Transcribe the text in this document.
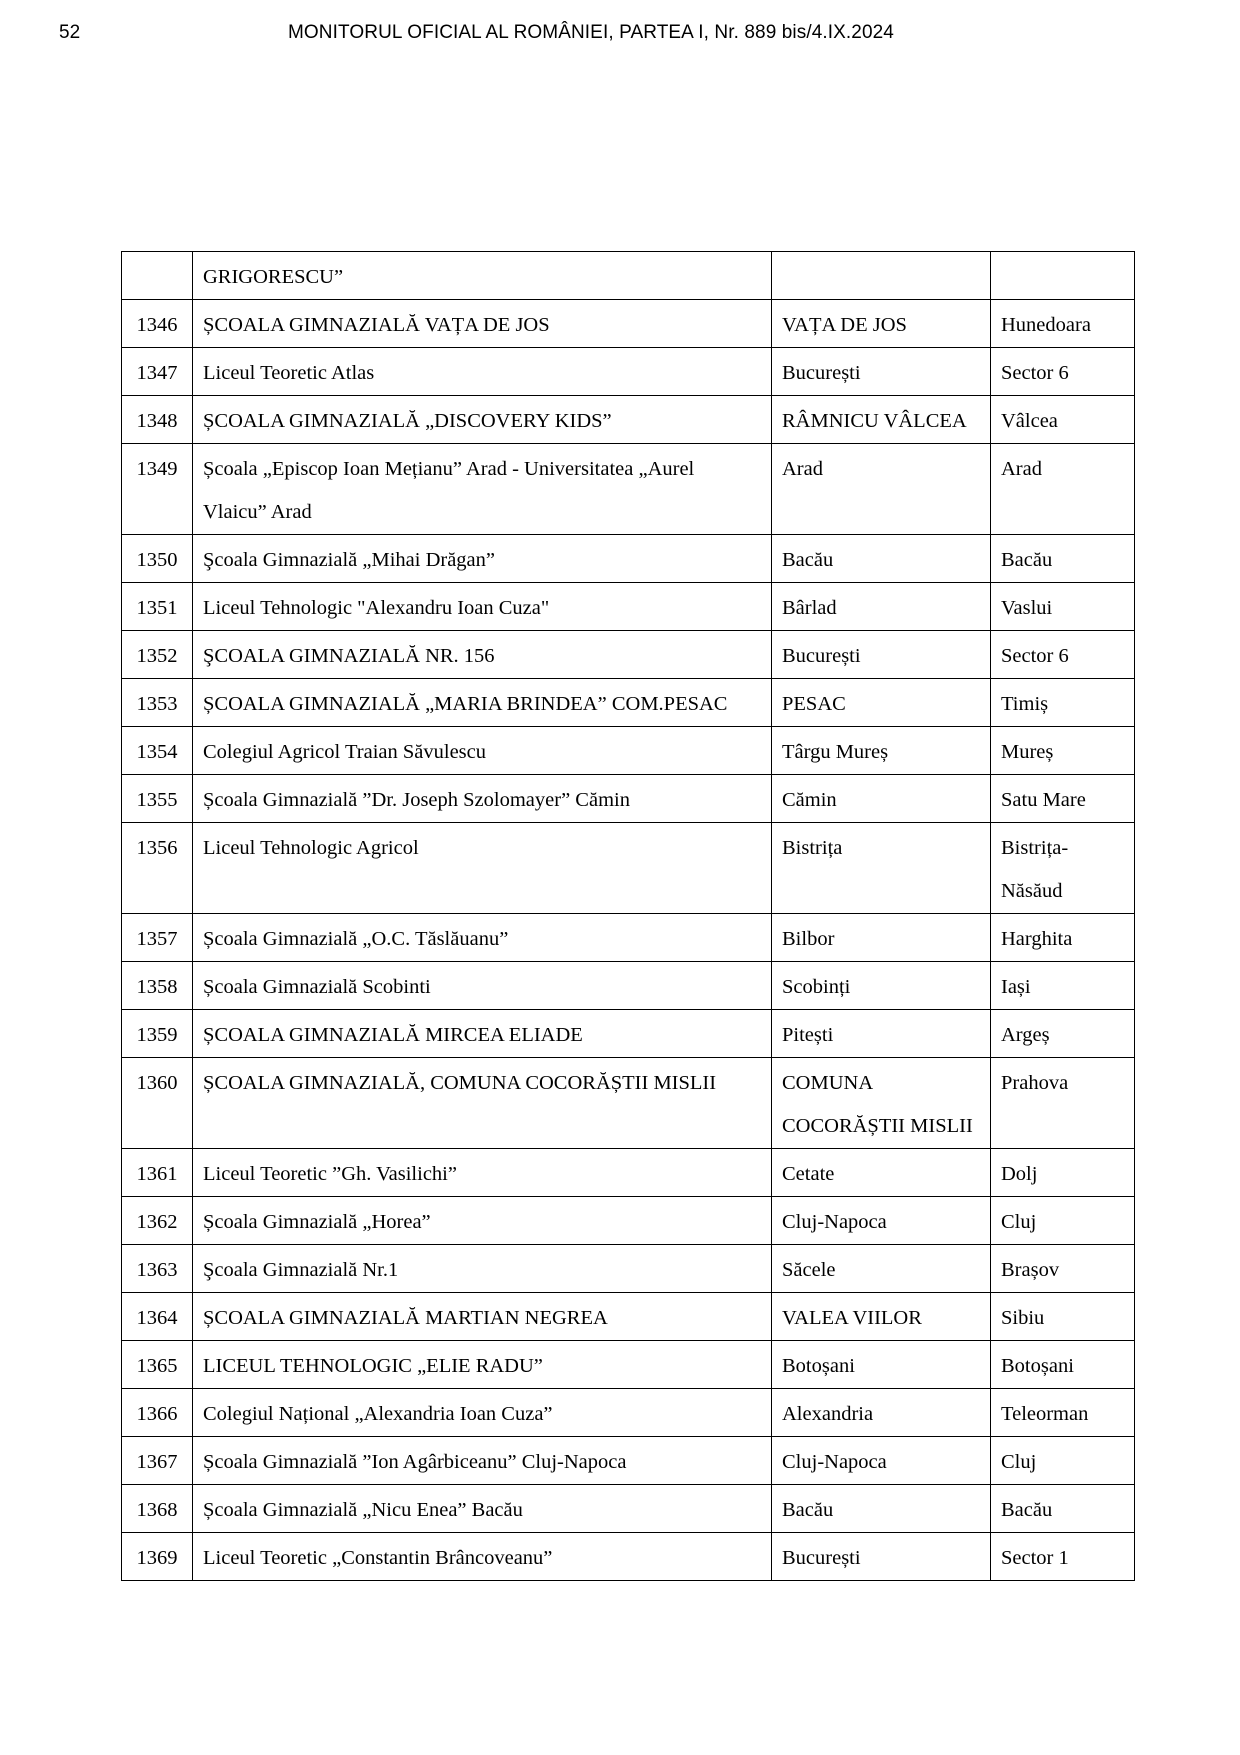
52	MONITORUL OFICIAL AL ROMÂNIEI, PARTEA I, Nr. 889 bis/4.IX.2024

	GRIGORESCU”		

1346	ȘCOALA GIMNAZIALĂ VAȚA DE JOS	VAȚA DE JOS	Hunedoara

1347	Liceul Teoretic Atlas	București	Sector 6

1348	ȘCOALA GIMNAZIALĂ „DISCOVERY KIDS”	RÂMNICU VÂLCEA	Vâlcea

1349	Școala „Episcop Ioan Mețianu” Arad - Universitatea „Aurel Vlaicu” Arad	Arad	Arad

1350	Şcoala Gimnazială „Mihai Drăgan”	Bacău	Bacău

1351	Liceul Tehnologic "Alexandru Ioan Cuza"	Bârlad	Vaslui

1352	ŞCOALA GIMNAZIALĂ NR. 156	București	Sector 6

1353	ȘCOALA GIMNAZIALĂ „MARIA BRINDEA” COM.PESAC	PESAC	Timiș

1354	Colegiul Agricol Traian Săvulescu	Târgu Mureș	Mureș

1355	Școala Gimnazială ”Dr. Joseph Szolomayer” Cămin	Cămin	Satu Mare

1356	Liceul Tehnologic Agricol	Bistrița	Bistrița-Năsăud

1357	Școala Gimnazială „O.C. Tăslăuanu”	Bilbor	Harghita

1358	Școala Gimnazială Scobinti	Scobinți	Iași

1359	ȘCOALA GIMNAZIALĂ MIRCEA ELIADE	Pitești	Argeș

1360	ȘCOALA GIMNAZIALĂ, COMUNA COCORĂȘTII MISLII	COMUNA COCORĂȘTII MISLII	Prahova

1361	Liceul Teoretic ”Gh. Vasilichi”	Cetate	Dolj

1362	Școala Gimnazială „Horea”	Cluj-Napoca	Cluj

1363	Şcoala Gimnazială Nr.1	Săcele	Brașov

1364	ȘCOALA GIMNAZIALĂ MARTIAN NEGREA	VALEA VIILOR	Sibiu

1365	LICEUL TEHNOLOGIC „ELIE RADU”	Botoșani	Botoșani

1366	Colegiul Național „Alexandria Ioan Cuza”	Alexandria	Teleorman

1367	Școala Gimnazială ”Ion Agârbiceanu” Cluj-Napoca	Cluj-Napoca	Cluj

1368	Școala Gimnazială „Nicu Enea” Bacău	Bacău	Bacău

1369	Liceul Teoretic „Constantin Brâncoveanu”	București	Sector 1
